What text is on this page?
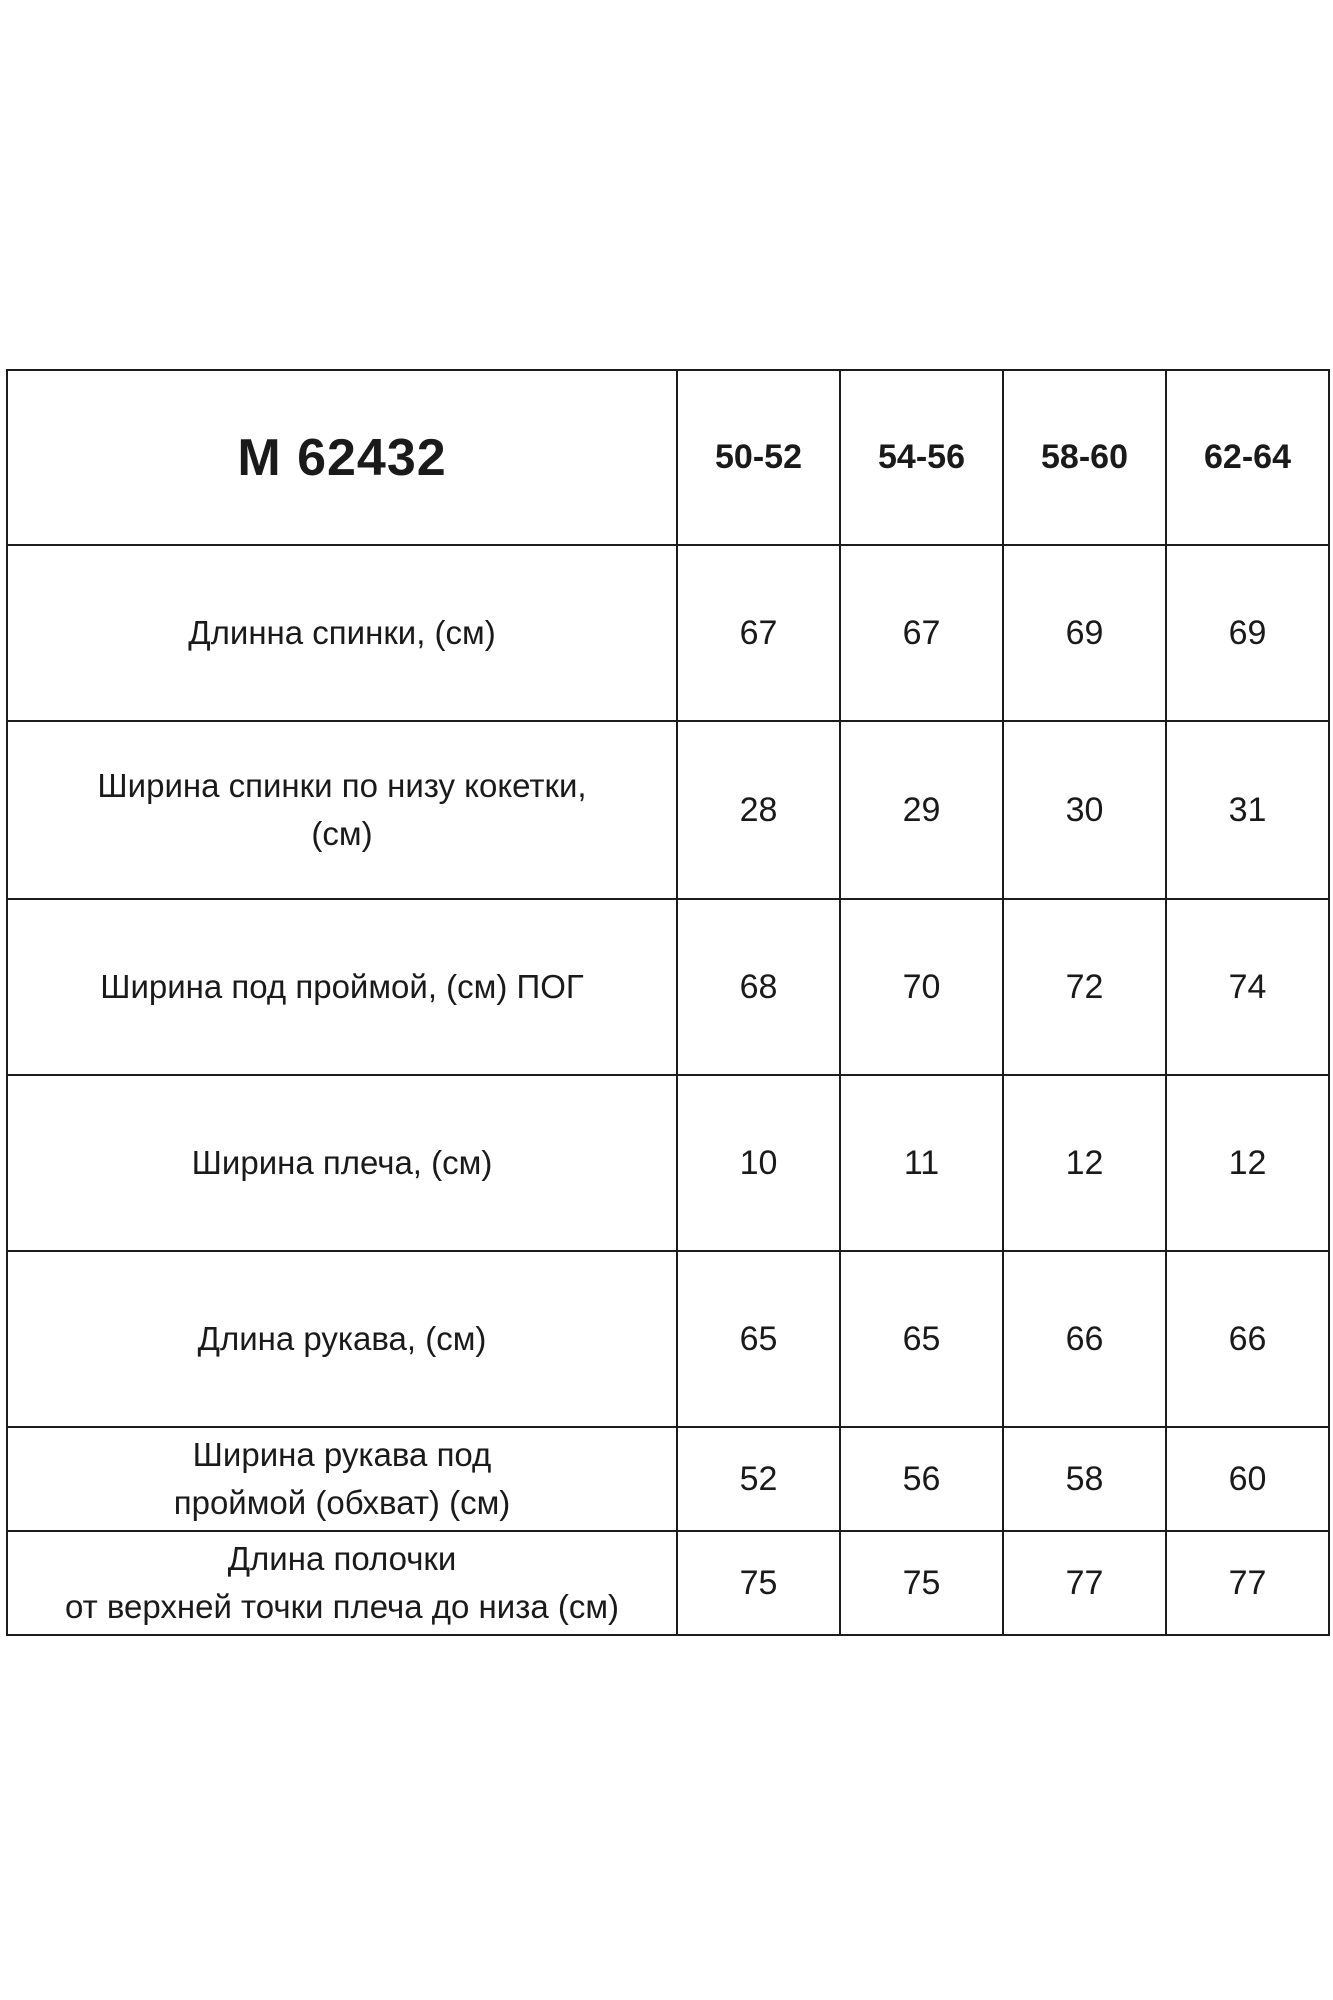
M 62432	50-52	54-56	58-60	62-64

Длинна спинки, (см)	67	67	69	69

Ширина спинки по низу кокетки,
(см)	28	29	30	31

Ширина под проймой, (см) ПОГ	68	70	72	74

Ширина плеча, (см)	10	11	12	12

Длина рукава, (см)	65	65	66	66

Ширина рукава под
проймой (обхват) (см)	52	56	58	60

Длина полочки
от верхней точки плеча до низа (см)	75	75	77	77
